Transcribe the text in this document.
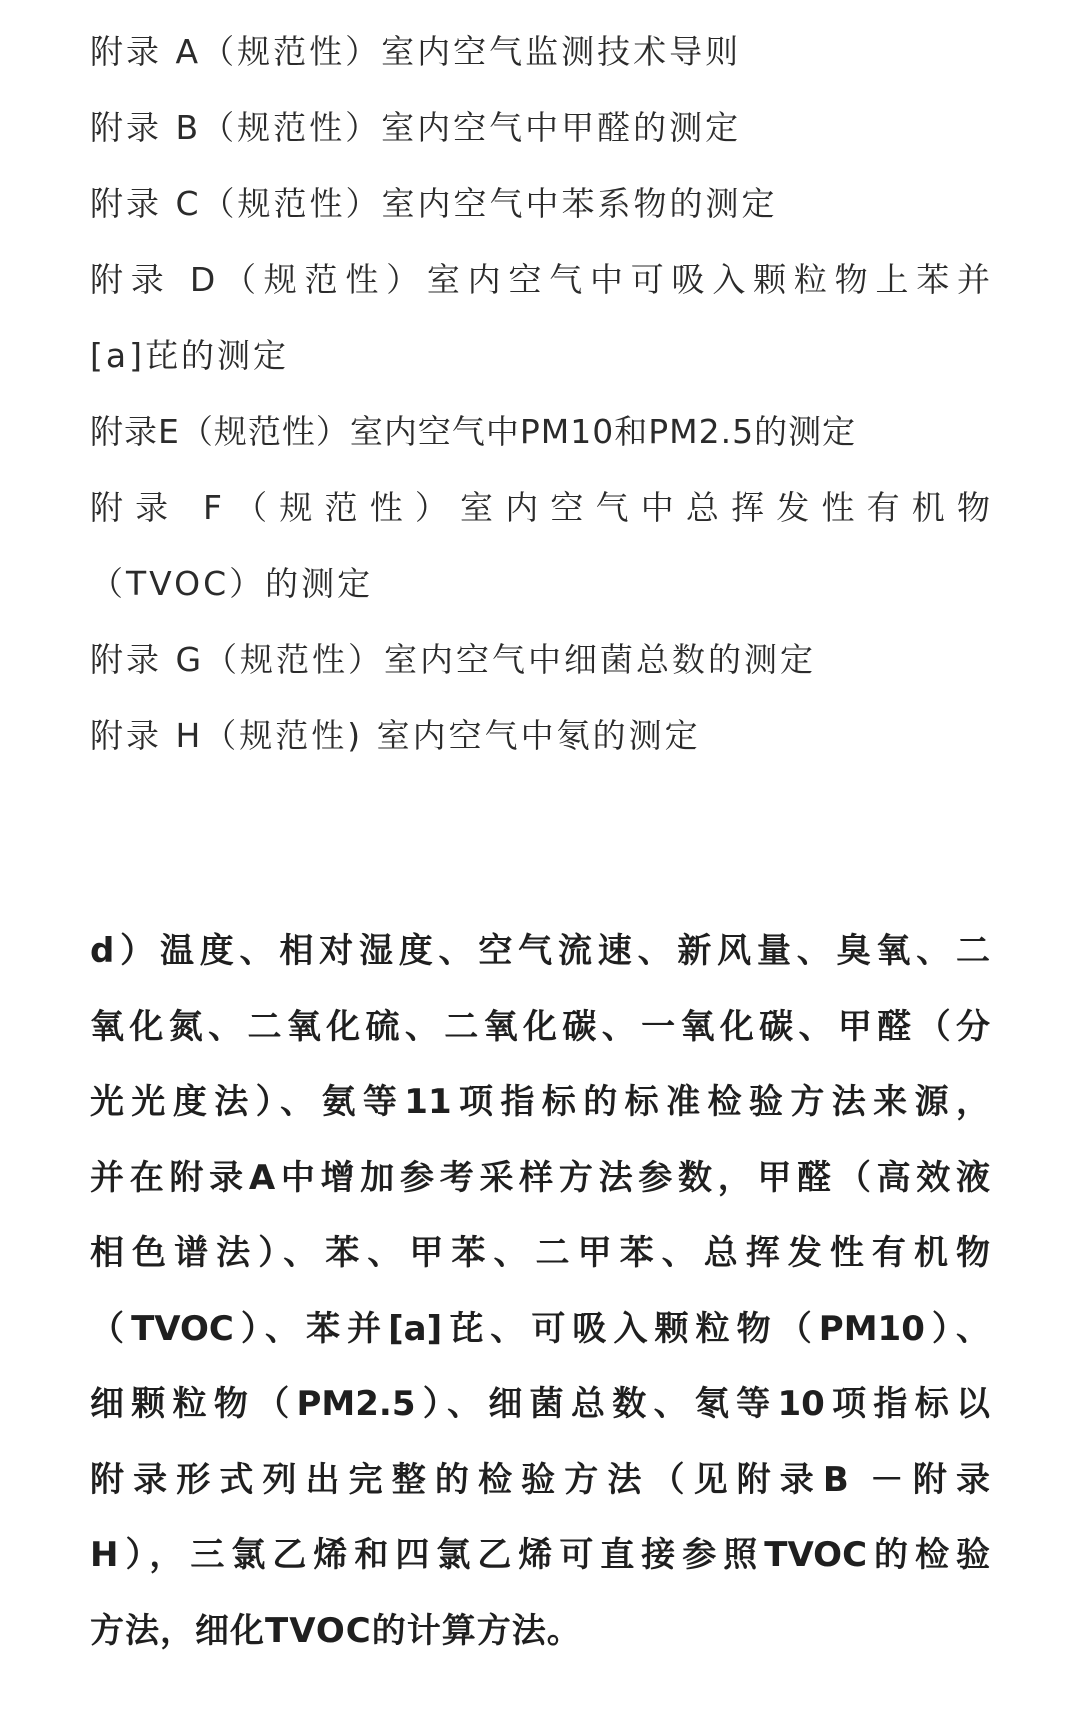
附录 A（规范性）室内空气监测技术导则
附录 B（规范性）室内空气中甲醛的测定
附录 C（规范性）室内空气中苯系物的测定
附录 D（规范性）室内空气中可吸入颗粒物上苯并
[a]芘的测定
附录E（规范性）室内空气中PM10和PM2.5的测定
附录 F（规范性）室内空气中总挥发性有机物
（TVOC）的测定
附录 G（规范性）室内空气中细菌总数的测定
附录 H（规范性) 室内空气中氡的测定

d）温度、相对湿度、空气流速、新风量、臭氧、二

氧化氮、二氧化硫、二氧化碳、一氧化碳、甲醛（分

光光度法）、氨等11项指标的标准检验方法来源，

并在附录A中增加参考采样方法参数，甲醛（高效液

相色谱法）、苯、甲苯、二甲苯、总挥发性有机物

（TVOC）、苯并[a]芘、可吸入颗粒物（PM10）、

细颗粒物（PM2.5）、细菌总数、氡等10项指标以

附录形式列出完整的检验方法（见附录B －附录

H），三氯乙烯和四氯乙烯可直接参照TVOC的检验

方法，细化TVOC的计算方法。
